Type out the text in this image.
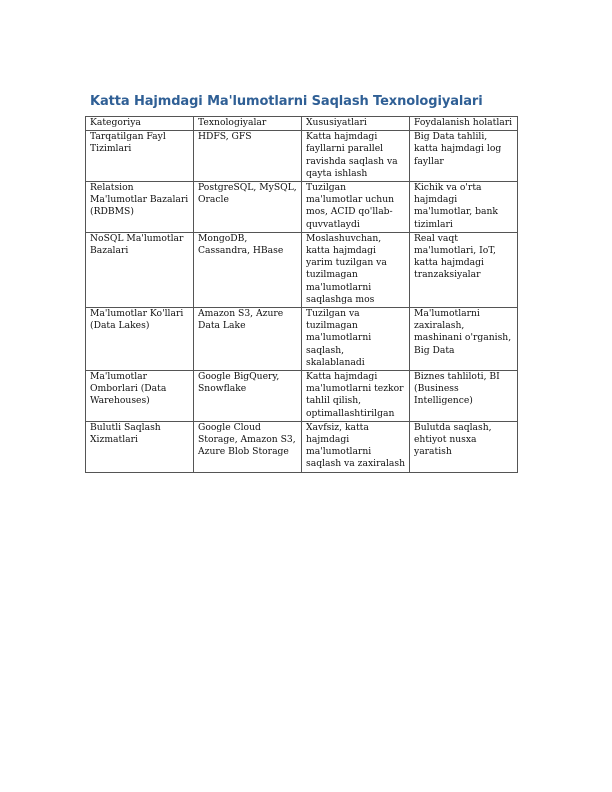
Katta Hajmdagi Ma'lumotlarni Saqlash Texnologiyalari
Kategoriya	Texnologiyalar	Xususiyatlari	Foydalanish holatlari
Tarqatilgan Fayl Tizimlari	HDFS, GFS	Katta hajmdagi fayllarni parallel ravishda saqlash va qayta ishlash	Big Data tahlili, katta hajmdagi log fayllar
Relatsion Ma'lumotlar Bazalari (RDBMS)	PostgreSQL, MySQL, Oracle	Tuzilgan ma'lumotlar uchun mos, ACID qo'llab-quvvatlaydi	Kichik va o'rta hajmdagi ma'lumotlar, bank tizimlari
NoSQL Ma'lumotlar Bazalari	MongoDB, Cassandra, HBase	Moslashuvchan, katta hajmdagi yarim tuzilgan va tuzilmagan ma'lumotlarni saqlashga mos	Real vaqt ma'lumotlari, IoT, katta hajmdagi tranzaksiyalar
Ma'lumotlar Ko'llari (Data Lakes)	Amazon S3, Azure Data Lake	Tuzilgan va tuzilmagan ma'lumotlarni saqlash, skalablanadi	Ma'lumotlarni zaxiralash, mashinani o'rganish, Big Data
Ma'lumotlar Omborlari (Data Warehouses)	Google BigQuery, Snowflake	Katta hajmdagi ma'lumotlarni tezkor tahlil qilish, optimallashtirilgan	Biznes tahliloti, BI (Business Intelligence)
Bulutli Saqlash Xizmatlari	Google Cloud Storage, Amazon S3, Azure Blob Storage	Xavfsiz, katta hajmdagi ma'lumotlarni saqlash va zaxiralash	Bulutda saqlash, ehtiyot nusxa yaratish
